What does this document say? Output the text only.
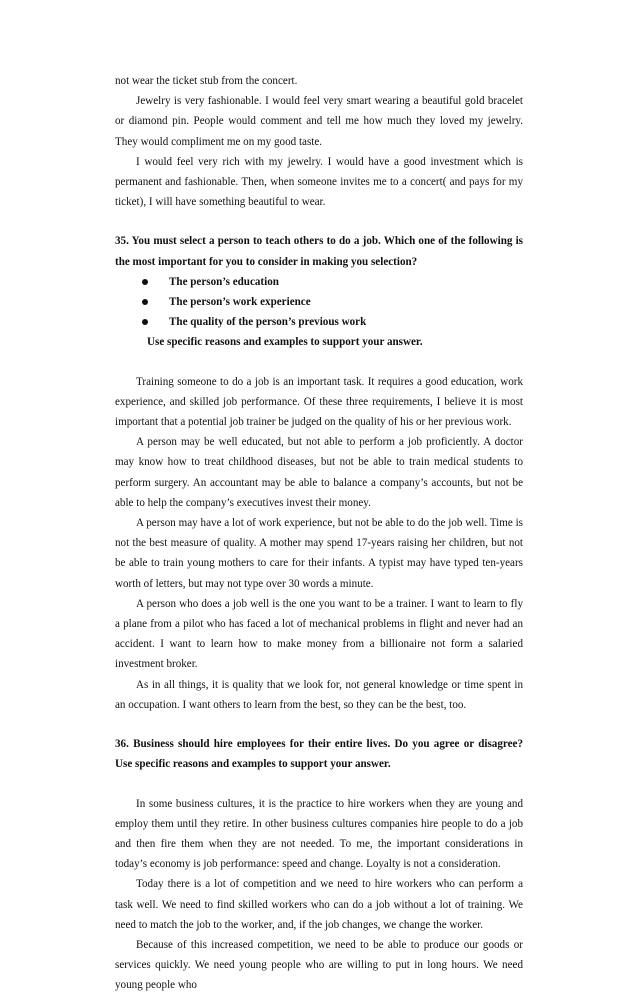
not wear the ticket stub from the concert.

Jewelry is very fashionable. I would feel very smart wearing a beautiful gold bracelet or diamond pin. People would comment and tell me how much they loved my jewelry. They would compliment me on my good taste.

I would feel very rich with my jewelry. I would have a good investment which is permanent and fashionable. Then, when someone invites me to a concert( and pays for my ticket), I will have something beautiful to wear.

35. You must select a person to teach others to do a job. Which one of the following is the most important for you to consider in making you selection?

The person’s education
The person’s work experience
The quality of the person’s previous work

Use specific reasons and examples to support your answer.

Training someone to do a job is an important task. It requires a good education, work experience, and skilled job performance. Of these three requirements, I believe it is most important that a potential job trainer be judged on the quality of his or her previous work.

A person may be well educated, but not able to perform a job proficiently. A doctor may know how to treat childhood diseases, but not be able to train medical students to perform surgery. An accountant may be able to balance a company’s accounts, but not be able to help the company’s executives invest their money.

A person may have a lot of work experience, but not be able to do the job well. Time is not the best measure of quality. A mother may spend 17-years raising her children, but not be able to train young mothers to care for their infants. A typist may have typed ten-years worth of letters, but may not type over 30 words a minute.

A person who does a job well is the one you want to be a trainer. I want to learn to fly a plane from a pilot who has faced a lot of mechanical problems in flight and never had an accident. I want to learn how to make money from a billionaire not form a salaried investment broker.

As in all things, it is quality that we look for, not general knowledge or time spent in an occupation. I want others to learn from the best, so they can be the best, too.

36. Business should hire employees for their entire lives. Do you agree or disagree? Use specific reasons and examples to support your answer.

In some business cultures, it is the practice to hire workers when they are young and employ them until they retire. In other business cultures companies hire people to do a job and then fire them when they are not needed. To me, the important considerations in today’s economy is job performance: speed and change. Loyalty is not a consideration.

Today there is a lot of competition and we need to hire workers who can perform a task well. We need to find skilled workers who can do a job without a lot of training. We need to match the job to the worker, and, if the job changes, we change the worker.

Because of this increased competition, we need to be able to produce our goods or services quickly. We need young people who are willing to put in long hours. We need young people who
